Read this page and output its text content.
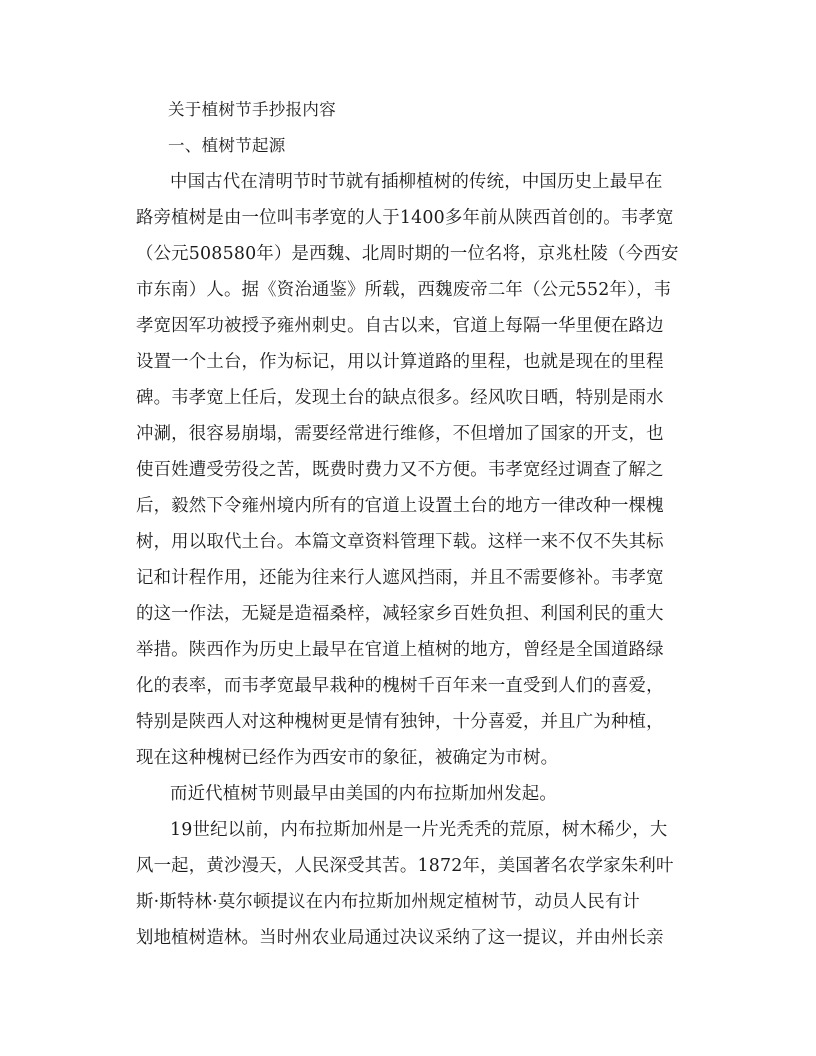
关于植树节手抄报内容
一、植树节起源
中国古代在清明节时节就有插柳植树的传统，中国历史上最早在
路旁植树是由一位叫韦孝宽的人于1400多年前从陕西首创的。韦孝宽
（公元508580年）是西魏、北周时期的一位名将，京兆杜陵（今西安
市东南）人。据《资治通鉴》所载，西魏废帝二年（公元552年），韦
孝宽因军功被授予雍州刺史。自古以来，官道上每隔一华里便在路边
设置一个土台，作为标记，用以计算道路的里程，也就是现在的里程
碑。韦孝宽上任后，发现土台的缺点很多。经风吹日晒，特别是雨水
冲涮，很容易崩塌，需要经常进行维修，不但增加了国家的开支，也
使百姓遭受劳役之苦，既费时费力又不方便。韦孝宽经过调查了解之
后，毅然下令雍州境内所有的官道上设置土台的地方一律改种一棵槐
树，用以取代土台。本篇文章资料管理下载。这样一来不仅不失其标
记和计程作用，还能为往来行人遮风挡雨，并且不需要修补。韦孝宽
的这一作法，无疑是造福桑梓，减轻家乡百姓负担、利国利民的重大
举措。陕西作为历史上最早在官道上植树的地方，曾经是全国道路绿
化的表率，而韦孝宽最早栽种的槐树千百年来一直受到人们的喜爱，
特别是陕西人对这种槐树更是情有独钟，十分喜爱，并且广为种植，
现在这种槐树已经作为西安市的象征，被确定为市树。
而近代植树节则最早由美国的内布拉斯加州发起。
19世纪以前，内布拉斯加州是一片光秃秃的荒原，树木稀少，大
风一起，黄沙漫天，人民深受其苦。1872年，美国著名农学家朱利叶
斯·斯特林·莫尔顿提议在内布拉斯加州规定植树节，动员人民有计
划地植树造林。当时州农业局通过决议采纳了这一提议，并由州长亲
